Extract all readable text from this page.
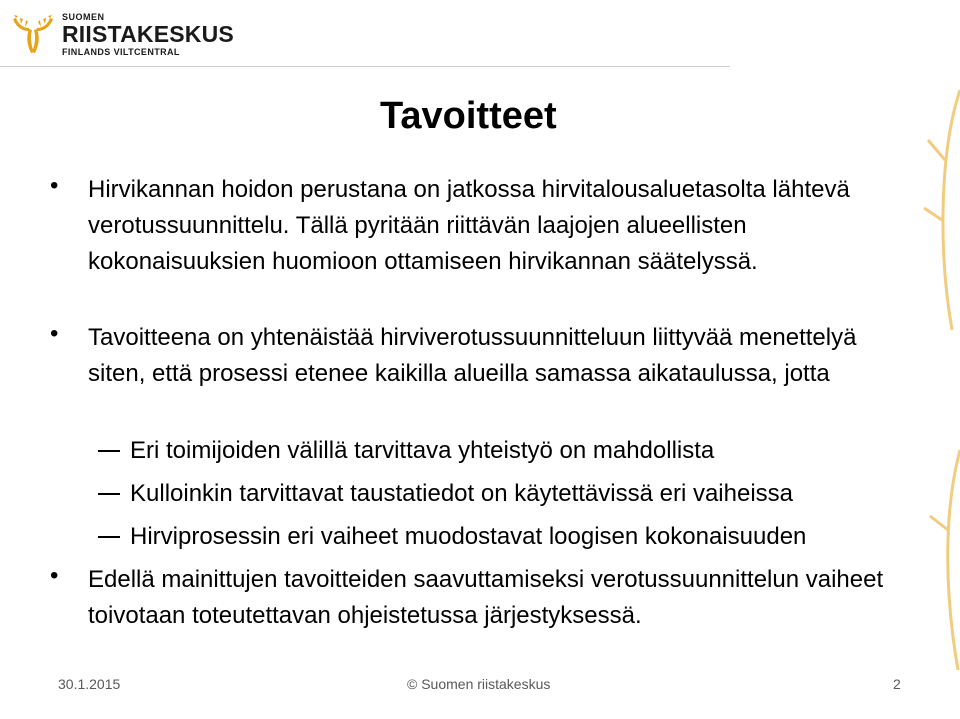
SUOMEN
RIISTAKESKUS
FINLANDS VILTCENTRAL
Tavoitteet
• Hirvikannan hoidon perustana on jatkossa hirvitalousaluetasolta lähtevä verotussuunnittelu. Tällä pyritään riittävän laajojen alueellisten kokonaisuuksien huomioon ottamiseen hirvikannan säätelyssä.
• Tavoitteena on yhtenäistää hirviverotussuunnitteluun liittyvää menettelyä siten, että prosessi etenee kaikilla alueilla samassa aikataulussa, jotta
Eri toimijoiden välillä tarvittava yhteistyö on mahdollista
Kulloinkin tarvittavat taustatiedot on käytettävissä eri vaiheissa
Hirviprosessin eri vaiheet muodostavat loogisen kokonaisuuden
• Edellä mainittujen tavoitteiden saavuttamiseksi verotussuunnittelun vaiheet toivotaan toteutettavan ohjeistetussa järjestyksessä.
30.1.2015	© Suomen riistakeskus	2
